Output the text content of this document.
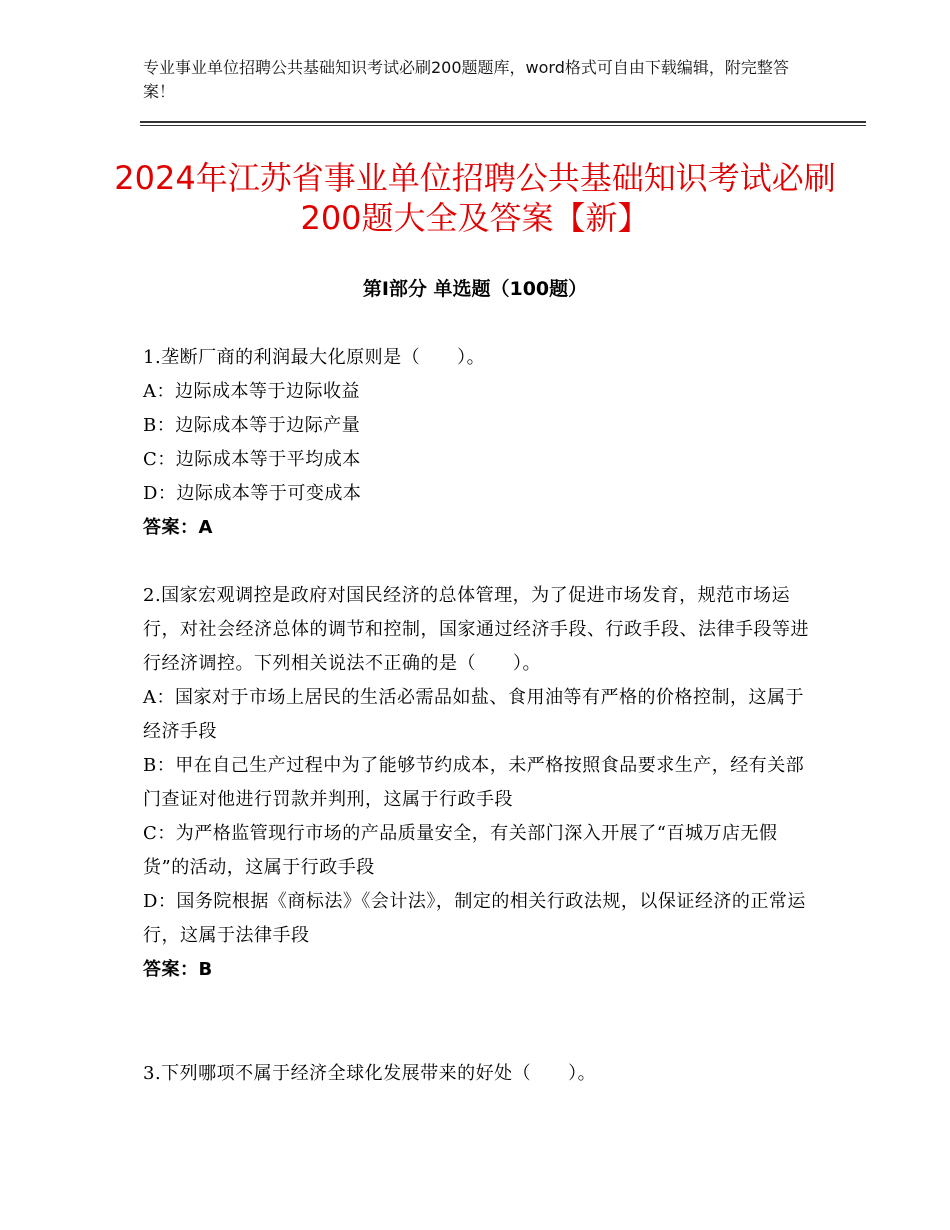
专业事业单位招聘公共基础知识考试必刷200题题库，word格式可自由下载编辑，附完整答案！
2024年江苏省事业单位招聘公共基础知识考试必刷200题大全及答案【新】
第Ⅰ部分 单选题（100题）
1.垄断厂商的利润最大化原则是（　　）。
A：边际成本等于边际收益
B：边际成本等于边际产量
C：边际成本等于平均成本
D：边际成本等于可变成本
答案：A
2.国家宏观调控是政府对国民经济的总体管理，为了促进市场发育，规范市场运行，对社会经济总体的调节和控制，国家通过经济手段、行政手段、法律手段等进行经济调控。下列相关说法不正确的是（　　）。
A：国家对于市场上居民的生活必需品如盐、食用油等有严格的价格控制，这属于经济手段
B：甲在自己生产过程中为了能够节约成本，未严格按照食品要求生产，经有关部门查证对他进行罚款并判刑，这属于行政手段
C：为严格监管现行市场的产品质量安全，有关部门深入开展了“百城万店无假货”的活动，这属于行政手段
D：国务院根据《商标法》《会计法》，制定的相关行政法规，以保证经济的正常运行，这属于法律手段
答案：B
3.下列哪项不属于经济全球化发展带来的好处（　　）。
